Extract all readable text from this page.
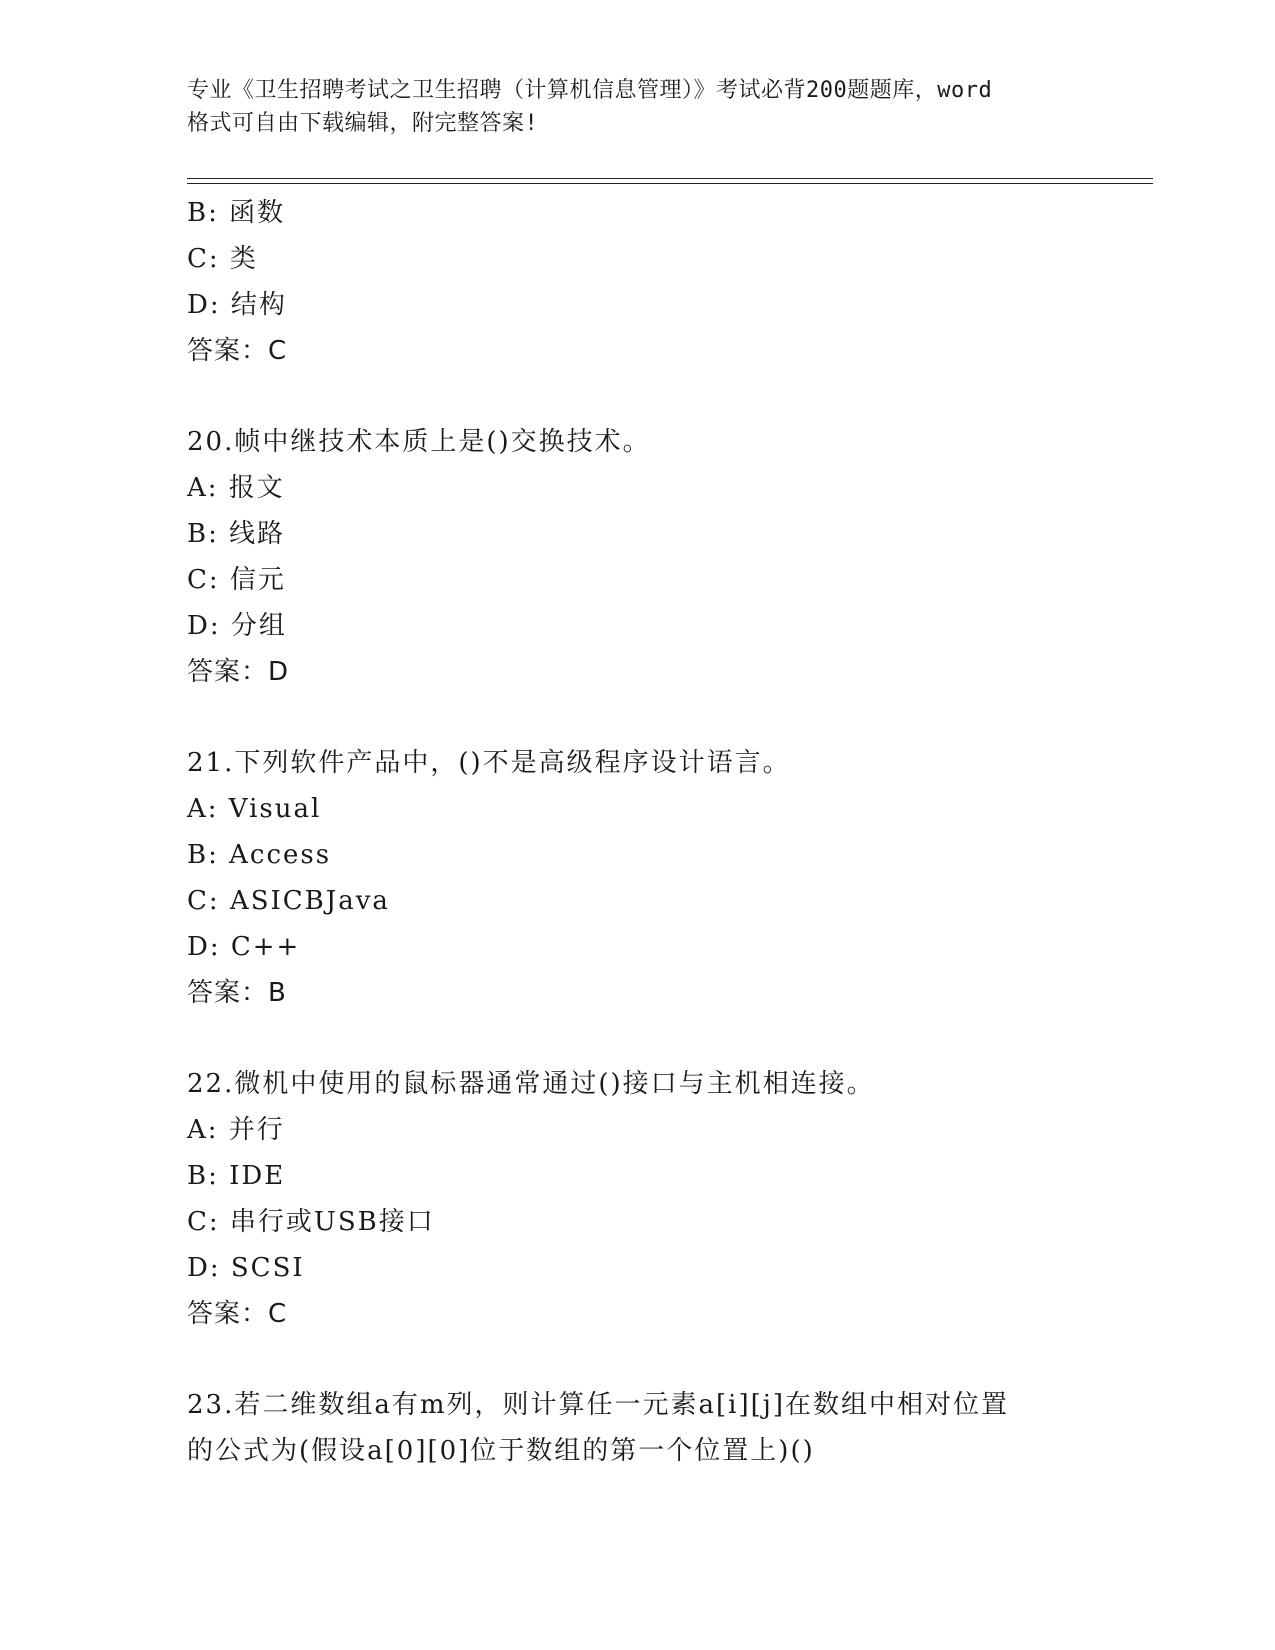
专业《卫生招聘考试之卫生招聘（计算机信息管理）》考试必背200题题库，word
格式可自由下载编辑，附完整答案!
B: 函数
C: 类
D: 结构
答案：C
20.帧中继技术本质上是()交换技术。
A: 报文
B: 线路
C: 信元
D: 分组
答案：D
21.下列软件产品中，()不是高级程序设计语言。
A: Visual
B: Access
C: ASICBJava
D: C++
答案：B
22.微机中使用的鼠标器通常通过()接口与主机相连接。
A: 并行
B: IDE
C: 串行或USB接口
D: SCSI
答案：C
23.若二维数组a有m列，则计算任一元素a[i][j]在数组中相对位置
的公式为(假设a[0][0]位于数组的第一个位置上)()
